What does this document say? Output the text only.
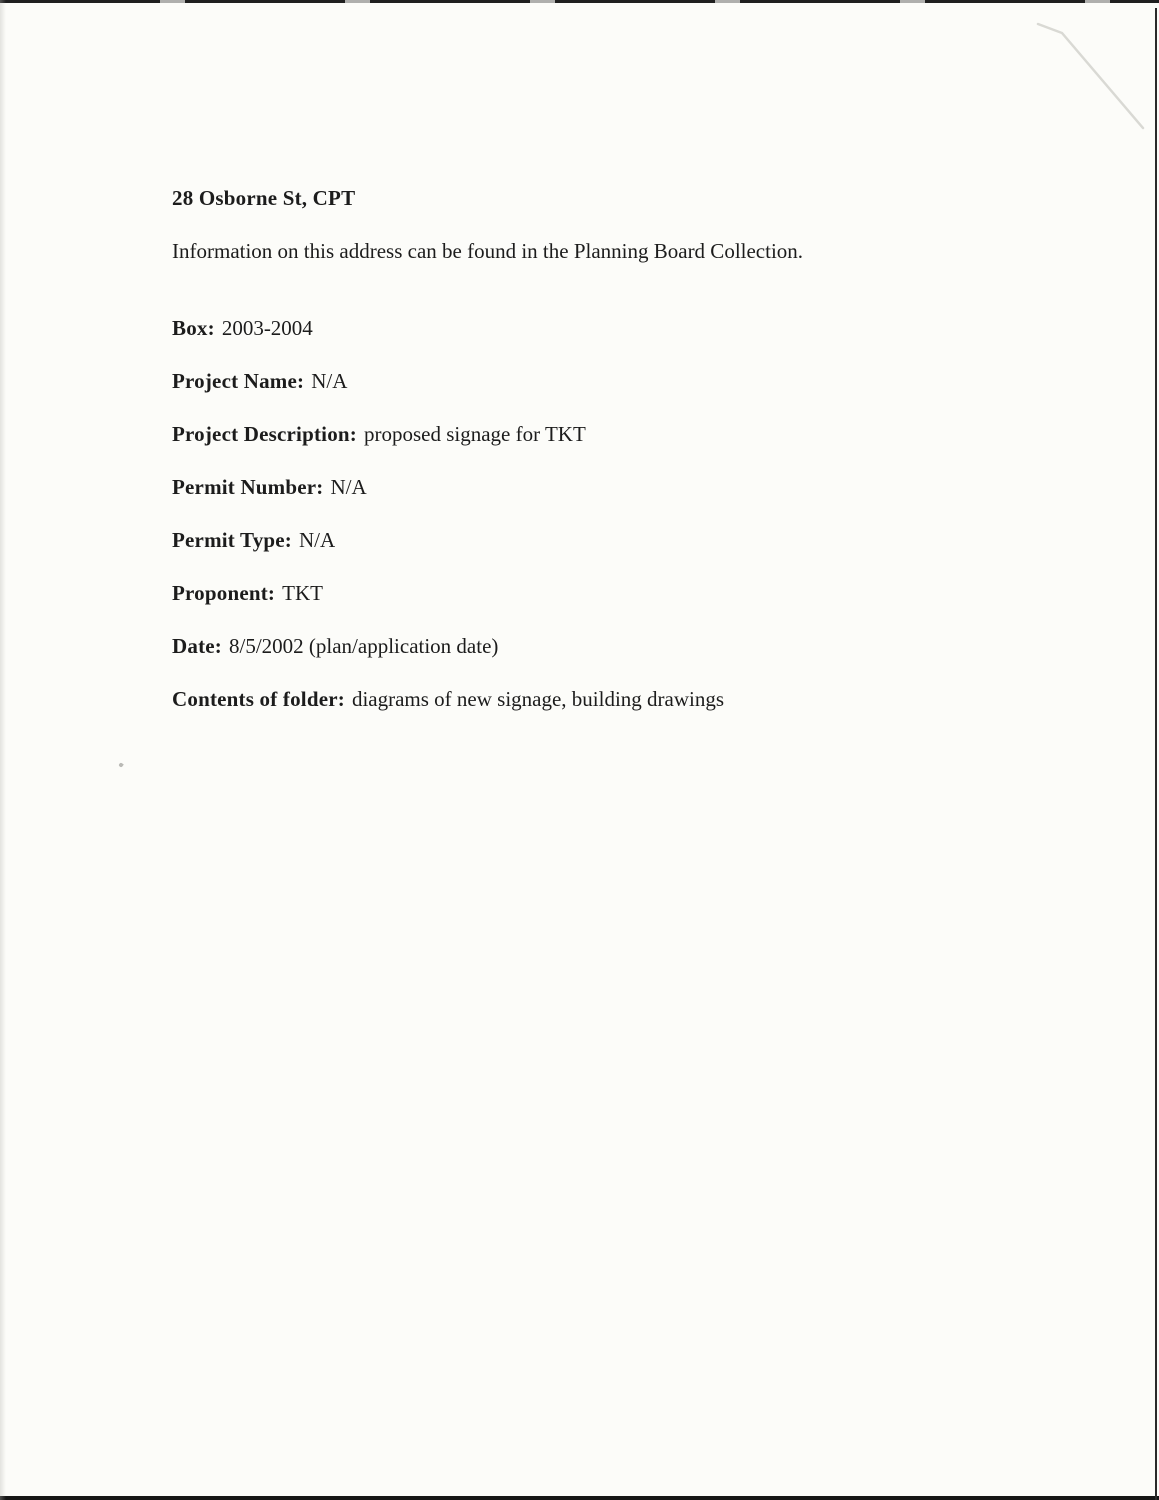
28 Osborne St, CPT

Information on this address can be found in the Planning Board Collection.

Box: 2003-2004

Project Name: N/A

Project Description: proposed signage for TKT

Permit Number: N/A

Permit Type: N/A

Proponent: TKT

Date: 8/5/2002 (plan/application date)

Contents of folder: diagrams of new signage, building drawings
